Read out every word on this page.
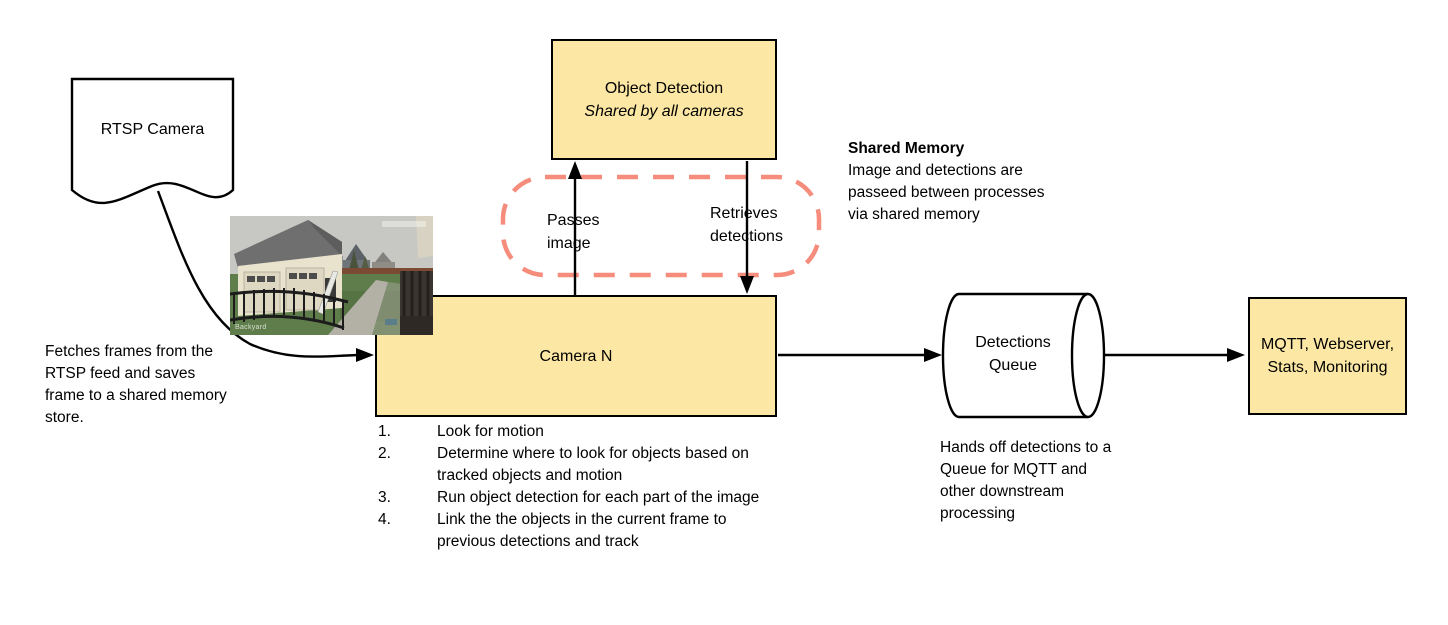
RTSP Camera
Object Detection
Shared by all cameras
Camera N
MQTT, Webserver, Stats, Monitoring
Detections Queue
Passes image
Retrieves detections
Fetches frames from the RTSP feed and saves frame to a shared memory store.
Shared Memory
Image and detections are passeed between processes via shared memory
Hands off detections to a Queue for MQTT and other downstream processing
1.	Look for motion
2.	Determine where to look for objects based on tracked objects and motion
3.	Run object detection for each part of the image
4.	Link the the objects in the current frame to previous detections and track
Backyard
